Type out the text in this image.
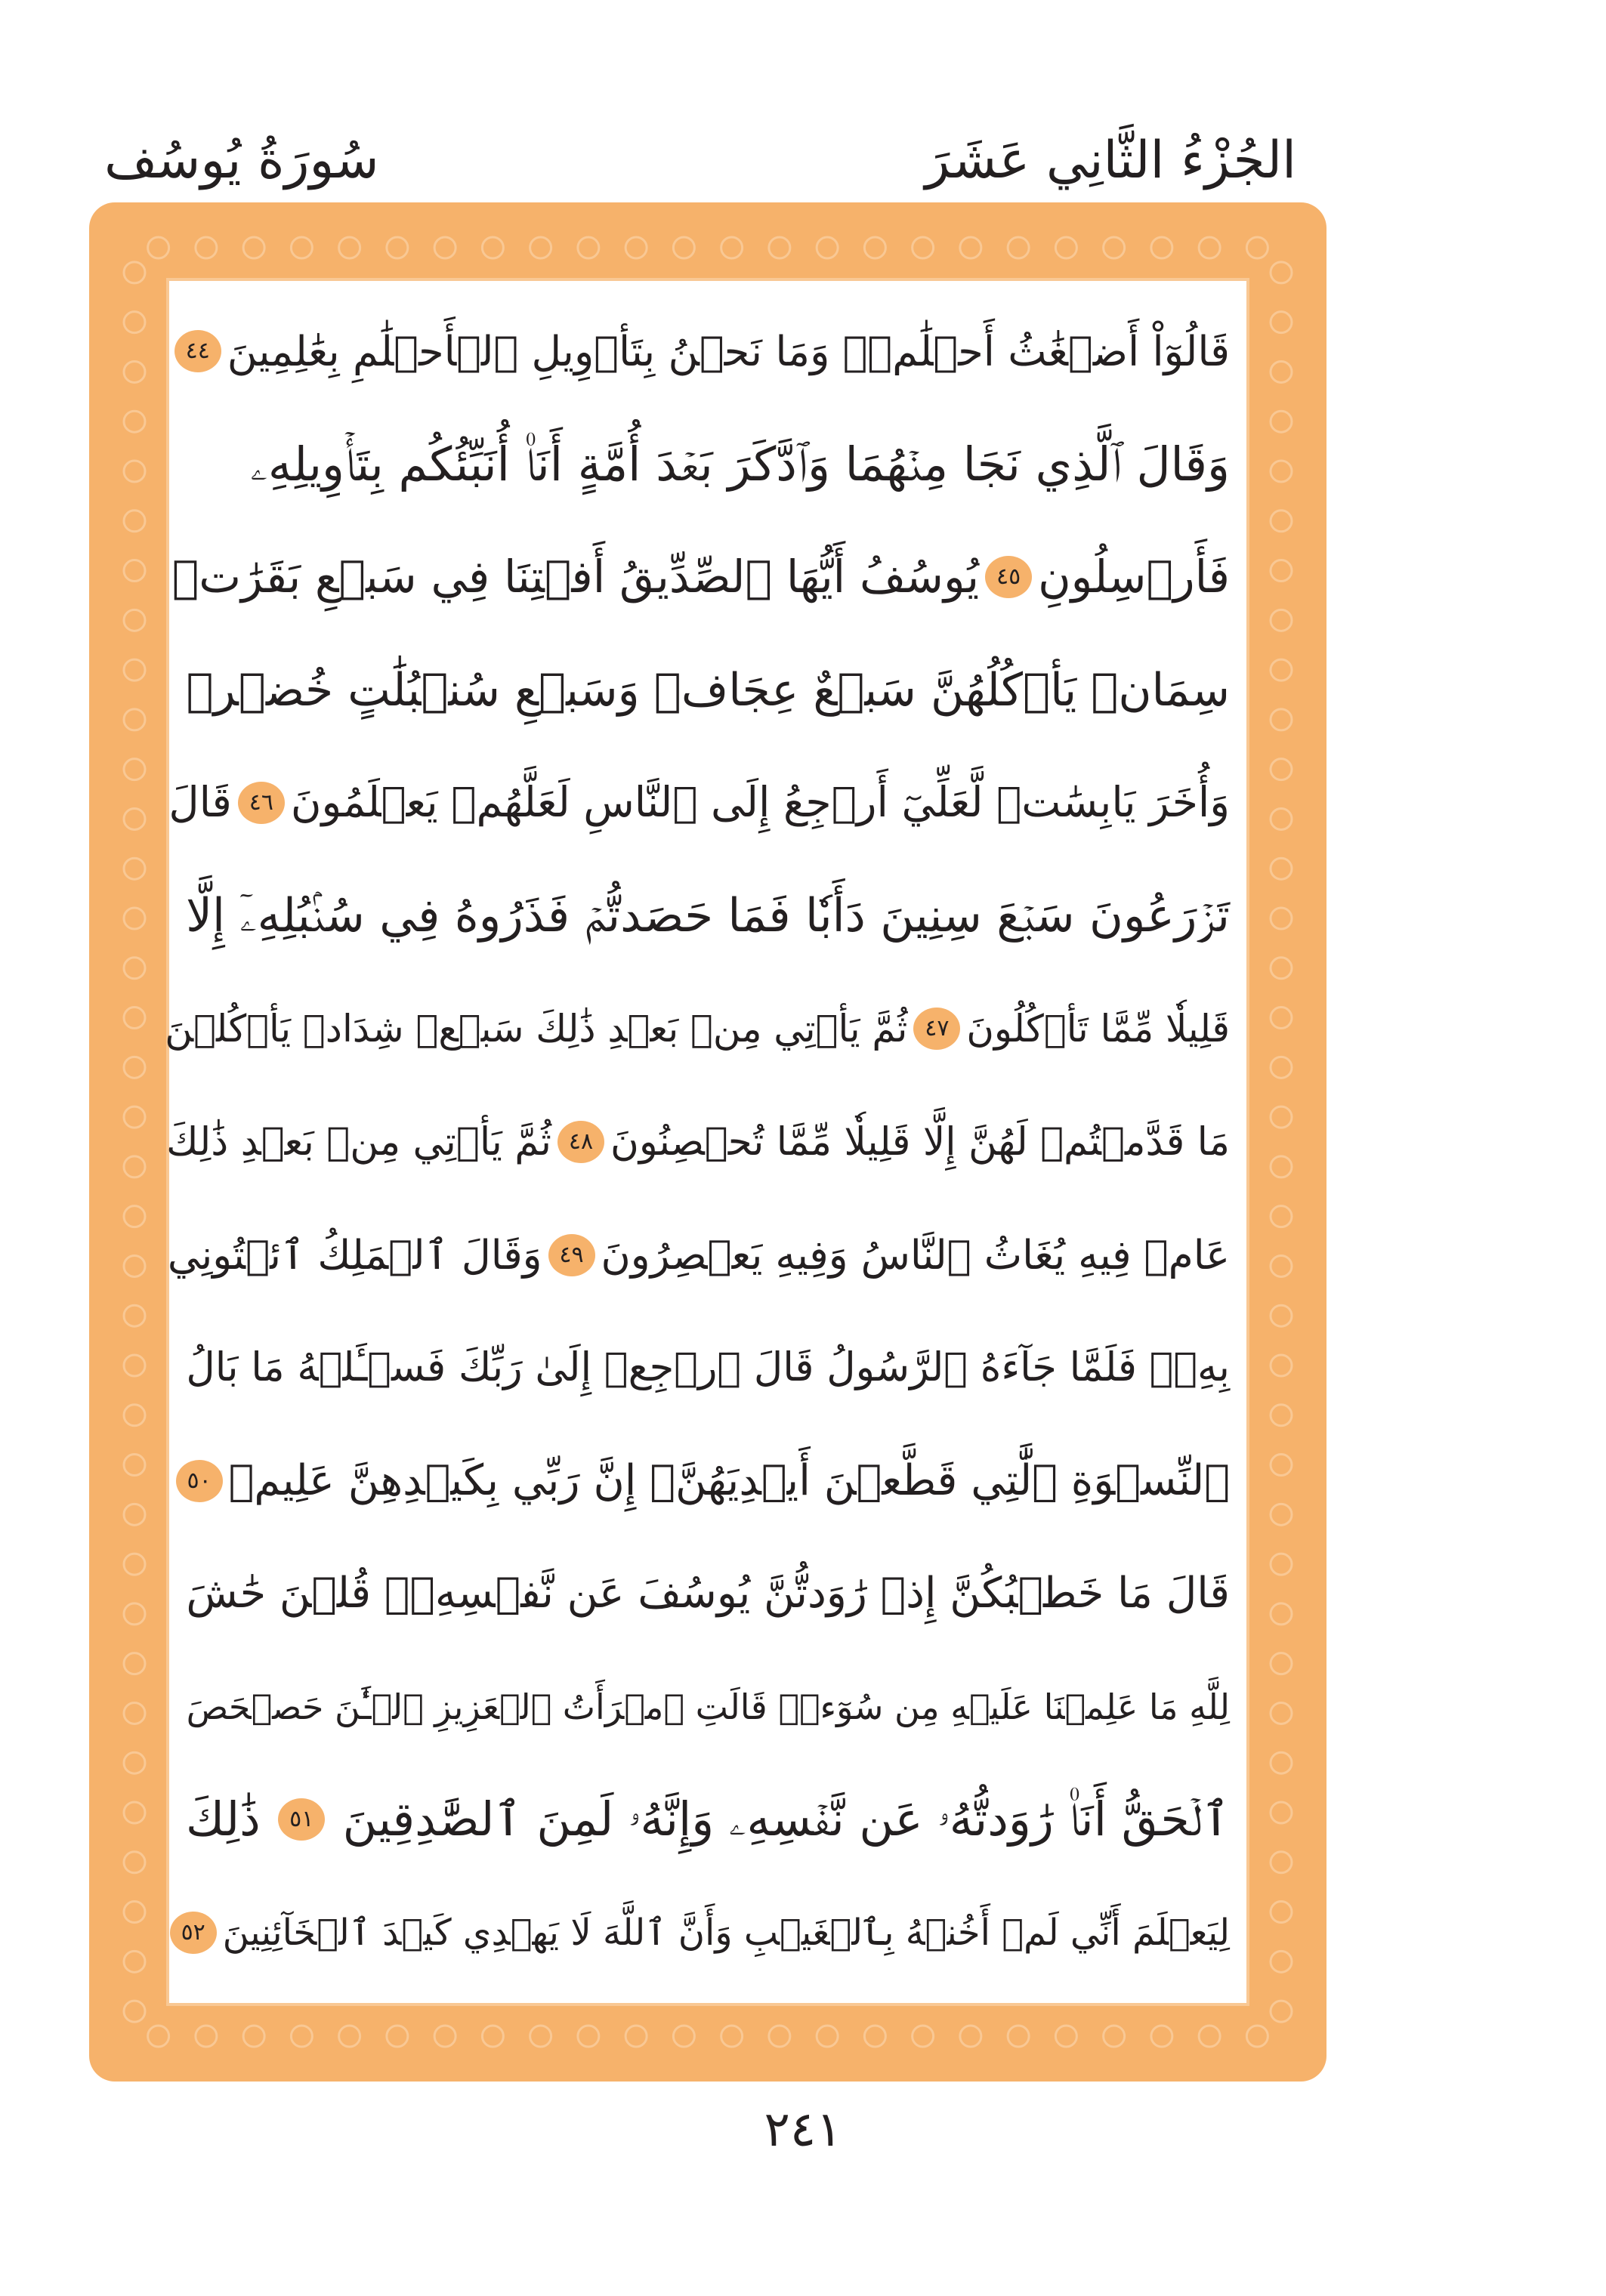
الجُزْءُ الثَّانِي عَشَرَ
سُورَةُ يُوسُف
قَالُوٓاْ أَضۡغَٰثُ أَحۡلَٰمٖۖ وَمَا نَحۡنُ بِتَأۡوِيلِ ٱلۡأَحۡلَٰمِ بِعَٰلِمِينَ
٤٤
وَقَالَ ٱلَّذِي نَجَا مِنۡهُمَا وَٱدَّكَرَ بَعۡدَ أُمَّةٍ أَنَا۠ أُنَبِّئُكُم بِتَأۡوِيلِهِۦ
فَأَرۡسِلُونِ
٤٥
يُوسُفُ أَيُّهَا ٱلصِّدِّيقُ أَفۡتِنَا فِي سَبۡعِ بَقَرَٰتٖ
سِمَانٖ يَأۡكُلُهُنَّ سَبۡعٌ عِجَافٞ وَسَبۡعِ سُنۢبُلَٰتٍ خُضۡرٖ
وَأُخَرَ يَابِسَٰتٖ لَّعَلِّيٓ أَرۡجِعُ إِلَى ٱلنَّاسِ لَعَلَّهُمۡ يَعۡلَمُونَ
٤٦
قَالَ
تَزۡرَعُونَ سَبۡعَ سِنِينَ دَأَبٗا فَمَا حَصَدتُّمۡ فَذَرُوهُ فِي سُنۢبُلِهِۦٓ إِلَّا
قَلِيلٗا مِّمَّا تَأۡكُلُونَ
٤٧
ثُمَّ يَأۡتِي مِنۢ بَعۡدِ ذَٰلِكَ سَبۡعٞ شِدَادٞ يَأۡكُلۡنَ
مَا قَدَّمۡتُمۡ لَهُنَّ إِلَّا قَلِيلٗا مِّمَّا تُحۡصِنُونَ
٤٨
ثُمَّ يَأۡتِي مِنۢ بَعۡدِ ذَٰلِكَ
عَامٞ فِيهِ يُغَاثُ ٱلنَّاسُ وَفِيهِ يَعۡصِرُونَ
٤٩
وَقَالَ ٱلۡمَلِكُ ٱئۡتُونِي
بِهِۦۖ فَلَمَّا جَآءَهُ ٱلرَّسُولُ قَالَ ٱرۡجِعۡ إِلَىٰ رَبِّكَ فَسۡـَٔلۡهُ مَا بَالُ
ٱلنِّسۡوَةِ ٱلَّٰتِي قَطَّعۡنَ أَيۡدِيَهُنَّۚ إِنَّ رَبِّي بِكَيۡدِهِنَّ عَلِيمٞ
٥٠
قَالَ مَا خَطۡبُكُنَّ إِذۡ رَٰوَدتُّنَّ يُوسُفَ عَن نَّفۡسِهِۦۚ قُلۡنَ حَٰشَ
لِلَّهِ مَا عَلِمۡنَا عَلَيۡهِ مِن سُوٓءٖۚ قَالَتِ ٱمۡرَأَتُ ٱلۡعَزِيزِ ٱلۡـَٰٔنَ حَصۡحَصَ
ٱلۡحَقُّ أَنَا۠ رَٰوَدتُّهُۥ عَن نَّفۡسِهِۦ وَإِنَّهُۥ لَمِنَ ٱلصَّٰدِقِينَ
٥١
ذَٰلِكَ
لِيَعۡلَمَ أَنِّي لَمۡ أَخُنۡهُ بِٱلۡغَيۡبِ وَأَنَّ ٱللَّهَ لَا يَهۡدِي كَيۡدَ ٱلۡخَآئِنِينَ
٥٢
٢٤١
